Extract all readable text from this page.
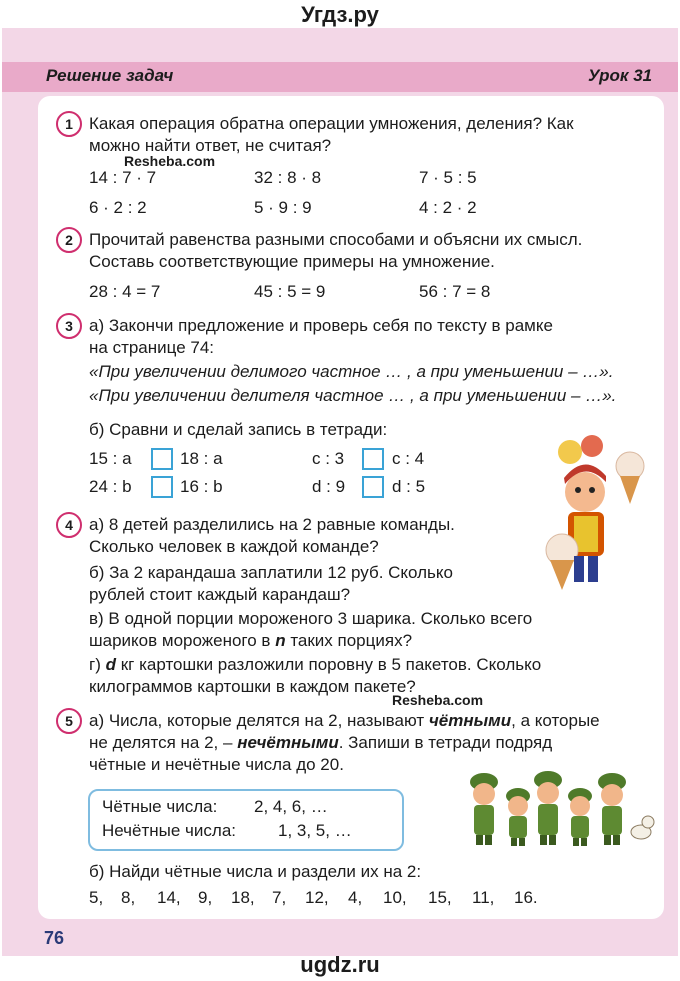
Угдз.ру
Решение задач	Урок 31
1 Какая операция обратна операции умножения, деления? Как
можно найти ответ, не считая?
Resheba.com
14 : 7 · 7	32 : 8 · 8	7 · 5 : 5
6 · 2 : 2	5 · 9 : 9	4 : 2 · 2
2 Прочитай равенства разными способами и объясни их смысл.
Составь соответствующие примеры на умножение.
28 : 4 = 7	45 : 5 = 9	56 : 7 = 8
3 а) Закончи предложение и проверь себя по тексту в рамке
на странице 74:
«При увеличении делимого частное … , а при уменьшении – …».
«При увеличении делителя частное … , а при уменьшении – …».
б) Сравни и сделай запись в тетради:
15 : a	18 : a	c : 3	c : 4
24 : b	16 : b	d : 9	d : 5
4 а) 8 детей разделились на 2 равные команды.
Сколько человек в каждой команде?
б) За 2 карандаша заплатили 12 руб. Сколько
рублей стоит каждый карандаш?
в) В одной порции мороженого 3 шарика. Сколько всего
шариков мороженого в n таких порциях?
г) d кг картошки разложили поровну в 5 пакетов. Сколько
килограммов картошки в каждом пакете?
Resheba.com
5 а) Числа, которые делятся на 2, называют чётными, а которые
не делятся на 2, – нечётными. Запиши в тетради подряд
чётные и нечётные числа до 20.
Чётные числа: 2, 4, 6, …
Нечётные числа: 1, 3, 5, …
б) Найди чётные числа и раздели их на 2:
5, 8, 14, 9, 18, 7, 12, 4, 10, 15, 11, 16.
76
ugdz.ru
